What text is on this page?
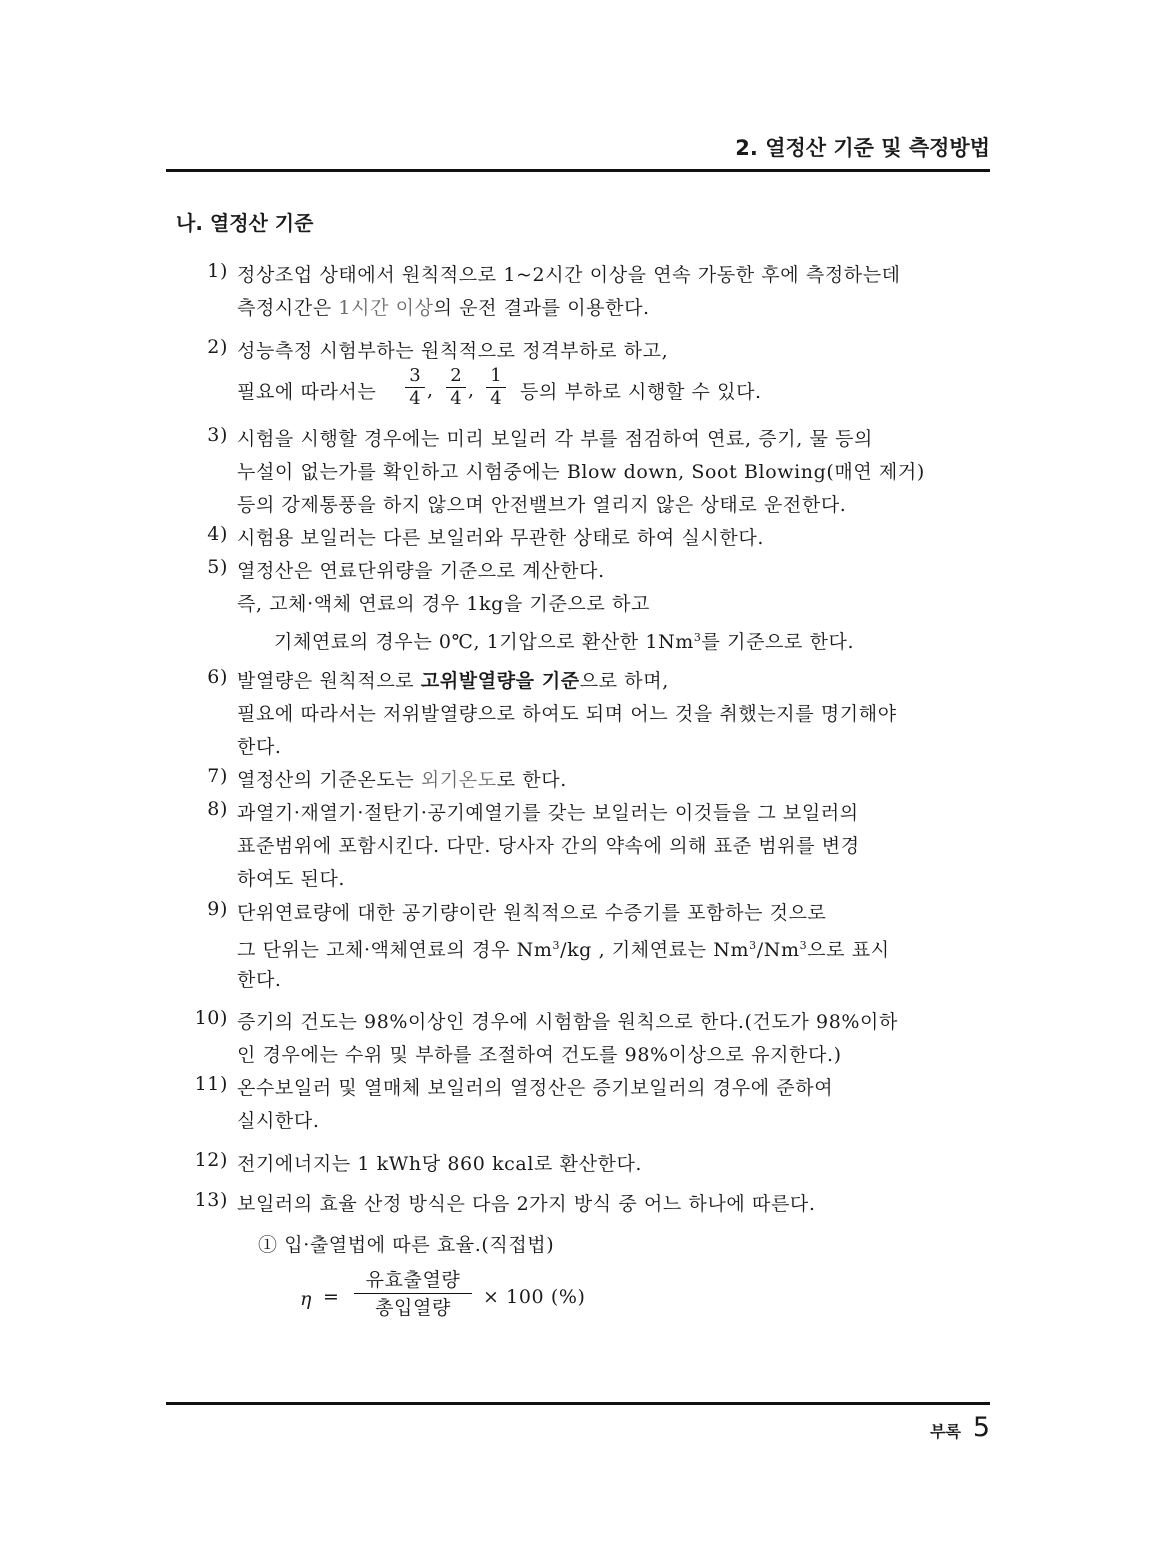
2. 열정산 기준 및 측정방법
나. 열정산 기준
1) 정상조업 상태에서 원칙적으로 1~2시간 이상을 연속 가동한 후에 측정하는데
측정시간은 1시간 이상의 운전 결과를 이용한다.
2) 성능측정 시험부하는 원칙적으로 정격부하로 하고,
필요에 따라서는 $\frac{3}{4}$ , $\frac{2}{4}$ , $\frac{1}{4}$ 등의 부하로 시행할 수 있다.
3) 시험을 시행할 경우에는 미리 보일러 각 부를 점검하여 연료, 증기, 물 등의
누설이 없는가를 확인하고 시험중에는 Blow down, Soot Blowing(매연 제거)
등의 강제통풍을 하지 않으며 안전밸브가 열리지 않은 상태로 운전한다.
4) 시험용 보일러는 다른 보일러와 무관한 상태로 하여 실시한다.
5) 열정산은 연료단위량을 기준으로 계산한다.
즉, 고체·액체 연료의 경우 1kg을 기준으로 하고
기체연료의 경우는 0℃, 1기압으로 환산한 1Nm$^3$를 기준으로 한다.
6) 발열량은 원칙적으로 고위발열량을 기준으로 하며,
필요에 따라서는 저위발열량으로 하여도 되며 어느 것을 취했는지를 명기해야
한다.
7) 열정산의 기준온도는 외기온도로 한다.
8) 과열기·재열기·절탄기·공기예열기를 갖는 보일러는 이것들을 그 보일러의
표준범위에 포함시킨다. 다만. 당사자 간의 약속에 의해 표준 범위를 변경
하여도 된다.
9) 단위연료량에 대한 공기량이란 원칙적으로 수증기를 포함하는 것으로
그 단위는 고체·액체연료의 경우 Nm$^3$/kg , 기체연료는 Nm$^3$/Nm$^3$으로 표시
한다.
10) 증기의 건도는 98%이상인 경우에 시험함을 원칙으로 한다.(건도가 98%이하
인 경우에는 수위 및 부하를 조절하여 건도를 98%이상으로 유지한다.)
11) 온수보일러 및 열매체 보일러의 열정산은 증기보일러의 경우에 준하여
실시한다.
12) 전기에너지는 1 kWh당 860 kcal로 환산한다.
13) 보일러의 효율 산정 방식은 다음 2가지 방식 중 어느 하나에 따른다.
① 입·출열법에 따른 효율.(직접법)
η =
유효출열량
총입열량	× 100 (%)
부록 5
